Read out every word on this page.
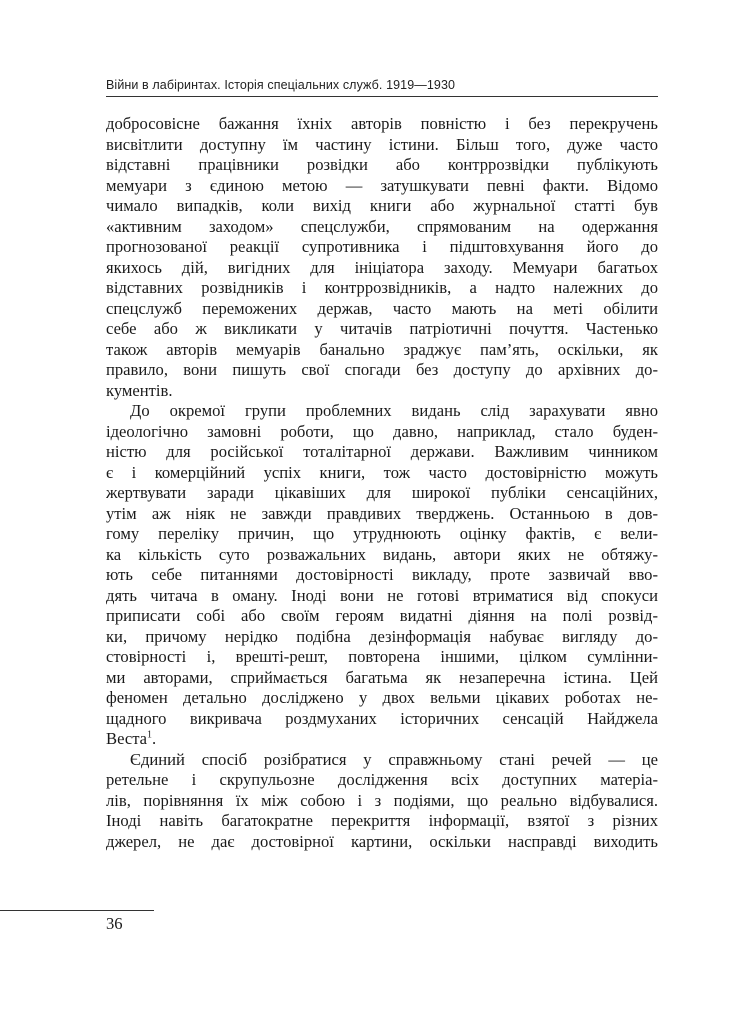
Війни в лабіринтах. Історія спеціальних служб. 1919—1930
добросовісне бажання їхніх авторів повністю і без перекручень
висвітлити доступну їм частину істини. Більш того, дуже часто
відставні працівники розвідки або контррозвідки публікують
мемуари з єдиною метою — затушкувати певні факти. Відомо
чимало випадків, коли вихід книги або журнальної статті був
«активним заходом» спецслужби, спрямованим на одержання
прогнозованої реакції супротивника і підштовхування його до
якихось дій, вигідних для ініціатора заходу. Мемуари багатьох
відставних розвідників і контррозвідників, а надто належних до
спецслужб переможених держав, часто мають на меті обілити
себе або ж викликати у читачів патріотичні почуття. Частенько
також авторів мемуарів банально зраджує пам’ять, оскільки, як
правило, вони пишуть свої спогади без доступу до архівних до-
кументів.
До окремої групи проблемних видань слід зарахувати явно
ідеологічно замовні роботи, що давно, наприклад, стало буден-
ністю для російської тоталітарної держави. Важливим чинником
є і комерційний успіх книги, тож часто достовірністю можуть
жертвувати заради цікавіших для широкої публіки сенсаційних,
утім аж ніяк не завжди правдивих тверджень. Останньою в дов-
гому переліку причин, що утруднюють оцінку фактів, є вели-
ка кількість суто розважальних видань, автори яких не обтяжу-
ють себе питаннями достовірності викладу, проте зазвичай вво-
дять читача в оману. Іноді вони не готові втриматися від спокуси
приписати собі або своїм героям видатні діяння на полі розвід-
ки, причому нерідко подібна дезінформація набуває вигляду до-
стовірності і, врешті-решт, повторена іншими, цілком сумлінни-
ми авторами, сприймається багатьма як незаперечна істина. Цей
феномен детально досліджено у двох вельми цікавих роботах не-
щадного викривача роздмуханих історичних сенсацій Найджела
Веста$^1$.
Єдиний спосіб розібратися у справжньому стані речей — це
ретельне і скрупульозне дослідження всіх доступних матеріа-
лів, порівняння їх між собою і з подіями, що реально відбувалися.
Іноді навіть багатократне перекриття інформації, взятої з різних
джерел, не дає достовірної картини, оскільки насправді виходить
36
